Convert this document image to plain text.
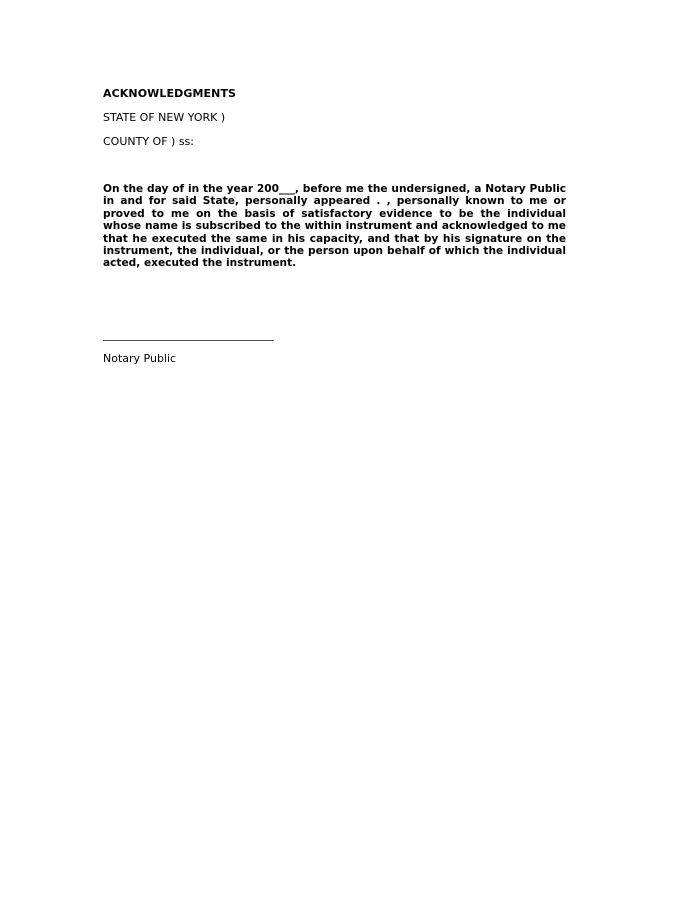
ACKNOWLEDGMENTS

STATE OF NEW YORK )

COUNTY OF ) ss:

On the day of in the year 200___, before me the undersigned, a Notary Public in and for said State, personally appeared . , personally known to me or proved to me on the basis of satisfactory evidence to be the individual whose name is subscribed to the within instrument and acknowledged to me that he executed the same in his capacity, and that by his signature on the instrument, the individual, or the person upon behalf of which the individual acted, executed the instrument.

Notary Public
